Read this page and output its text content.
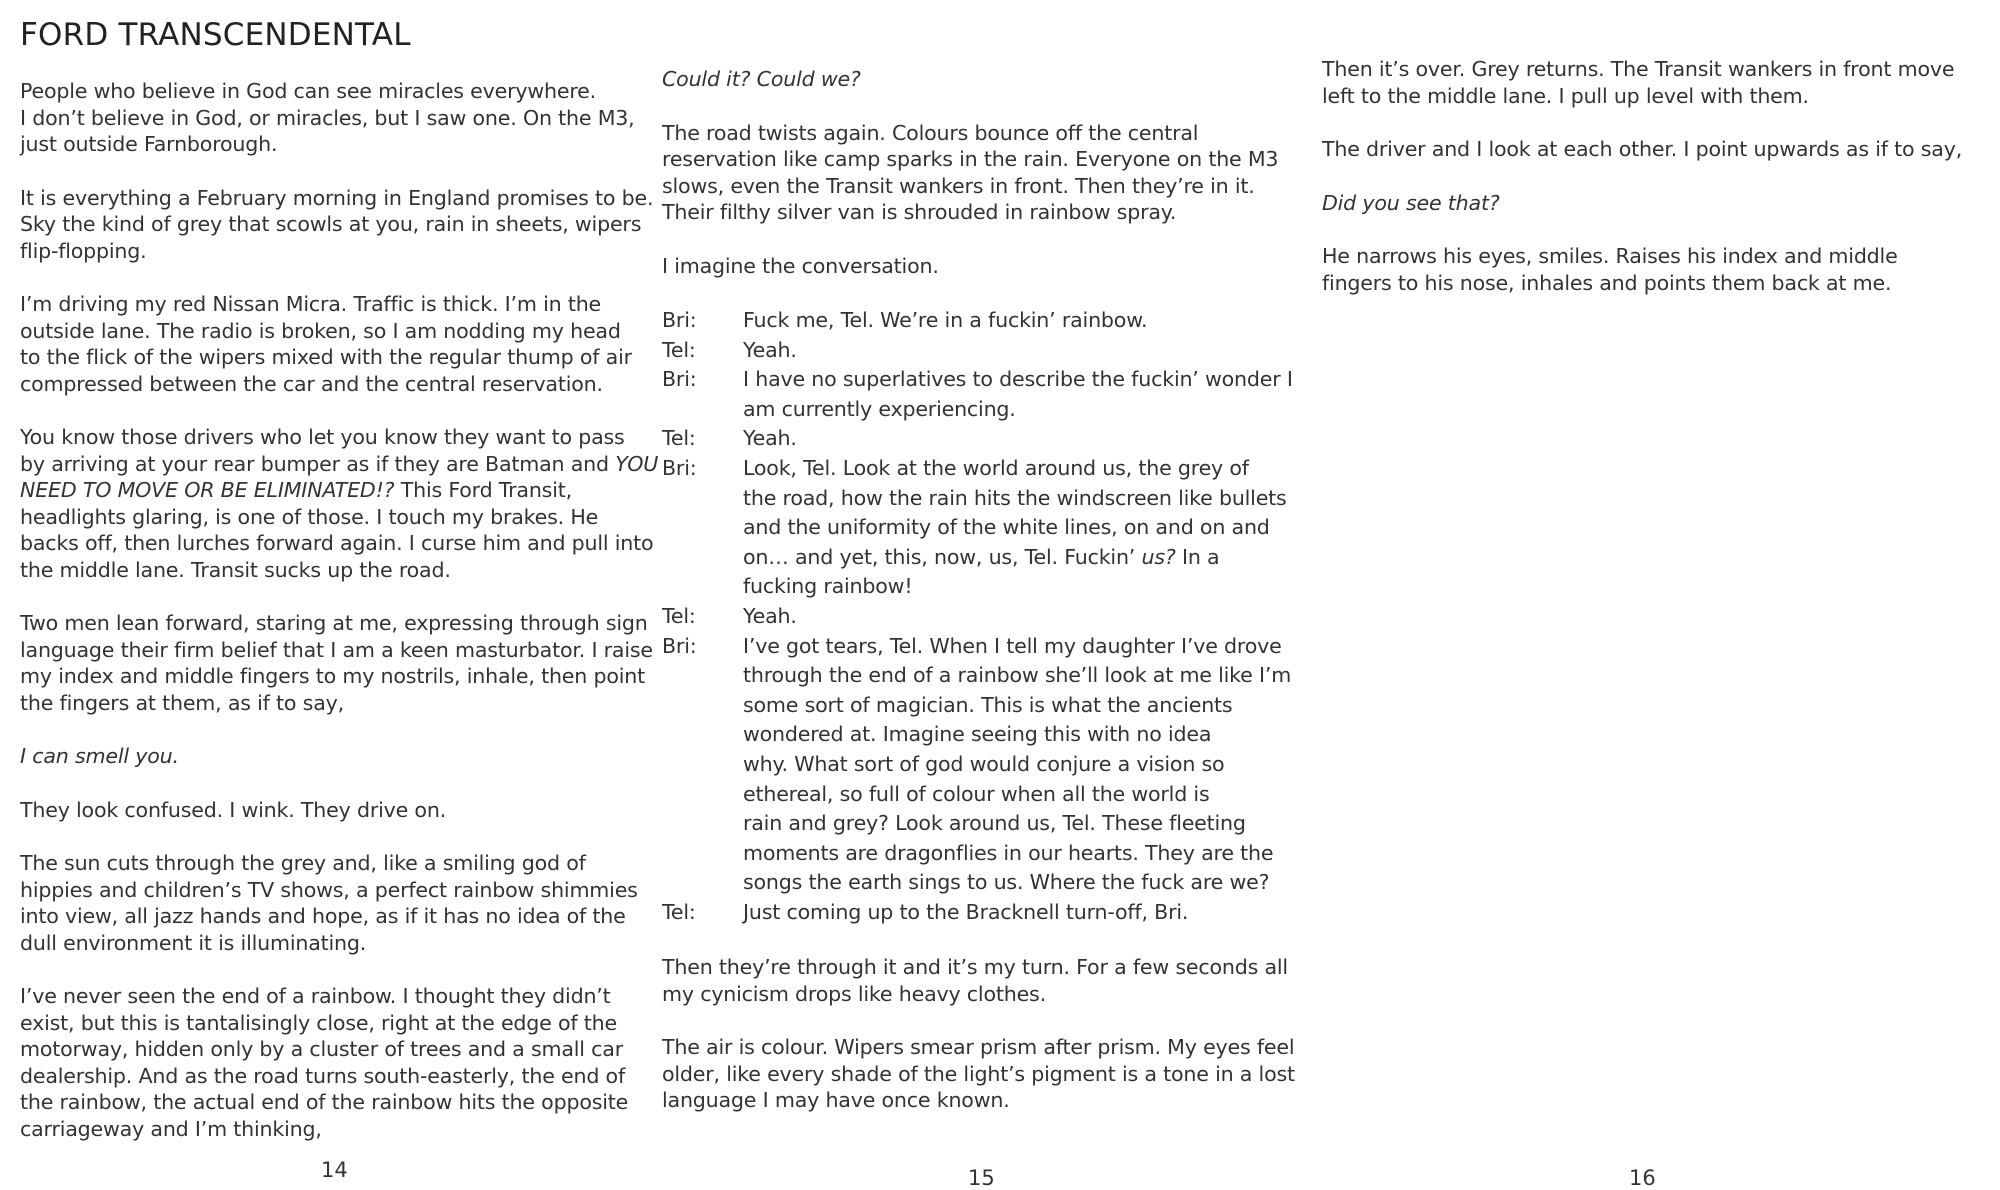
FORD TRANSCENDENTAL

People who believe in God can see miracles everywhere.
I don’t believe in God, or miracles, but I saw one. On the M3,
just outside Farnborough.

It is everything a February morning in England promises to be.
Sky the kind of grey that scowls at you, rain in sheets, wipers
flip-flopping.

I’m driving my red Nissan Micra. Traffic is thick. I’m in the
outside lane. The radio is broken, so I am nodding my head
to the flick of the wipers mixed with the regular thump of air
compressed between the car and the central reservation.

You know those drivers who let you know they want to pass
by arriving at your rear bumper as if they are Batman and YOU
NEED TO MOVE OR BE ELIMINATED!? This Ford Transit,
headlights glaring, is one of those. I touch my brakes. He
backs off, then lurches forward again. I curse him and pull into
the middle lane. Transit sucks up the road.

Two men lean forward, staring at me, expressing through sign
language their firm belief that I am a keen masturbator. I raise
my index and middle fingers to my nostrils, inhale, then point
the fingers at them, as if to say,

I can smell you.

They look confused. I wink. They drive on.

The sun cuts through the grey and, like a smiling god of
hippies and children’s TV shows, a perfect rainbow shimmies
into view, all jazz hands and hope, as if it has no idea of the
dull environment it is illuminating.

I’ve never seen the end of a rainbow. I thought they didn’t
exist, but this is tantalisingly close, right at the edge of the
motorway, hidden only by a cluster of trees and a small car
dealership. And as the road turns south-easterly, the end of
the rainbow, the actual end of the rainbow hits the opposite
carriageway and I’m thinking,

Could it? Could we?

The road twists again. Colours bounce off the central
reservation like camp sparks in the rain. Everyone on the M3
slows, even the Transit wankers in front. Then they’re in it.
Their filthy silver van is shrouded in rainbow spray.

I imagine the conversation.

Bri:	Fuck me, Tel. We’re in a fuckin’ rainbow.
Tel:	Yeah.
Bri:	I have no superlatives to describe the fuckin’ wonder I
am currently experiencing.
Tel:	Yeah.
Bri:	Look, Tel. Look at the world around us, the grey of
the road, how the rain hits the windscreen like bullets
and the uniformity of the white lines, on and on and
on… and yet, this, now, us, Tel. Fuckin’ us? In a
fucking rainbow!
Tel:	Yeah.
Bri:	I’ve got tears, Tel. When I tell my daughter I’ve drove
through the end of a rainbow she’ll look at me like I’m
some sort of magician. This is what the ancients
wondered at. Imagine seeing this with no idea
why. What sort of god would conjure a vision so
ethereal, so full of colour when all the world is
rain and grey? Look around us, Tel. These fleeting
moments are dragonflies in our hearts. They are the
songs the earth sings to us. Where the fuck are we?
Tel:	Just coming up to the Bracknell turn-off, Bri.

Then they’re through it and it’s my turn. For a few seconds all
my cynicism drops like heavy clothes.

The air is colour. Wipers smear prism after prism. My eyes feel
older, like every shade of the light’s pigment is a tone in a lost
language I may have once known.

Then it’s over. Grey returns. The Transit wankers in front move
left to the middle lane. I pull up level with them.

The driver and I look at each other. I point upwards as if to say,

Did you see that?

He narrows his eyes, smiles. Raises his index and middle
fingers to his nose, inhales and points them back at me.

14	15	16
